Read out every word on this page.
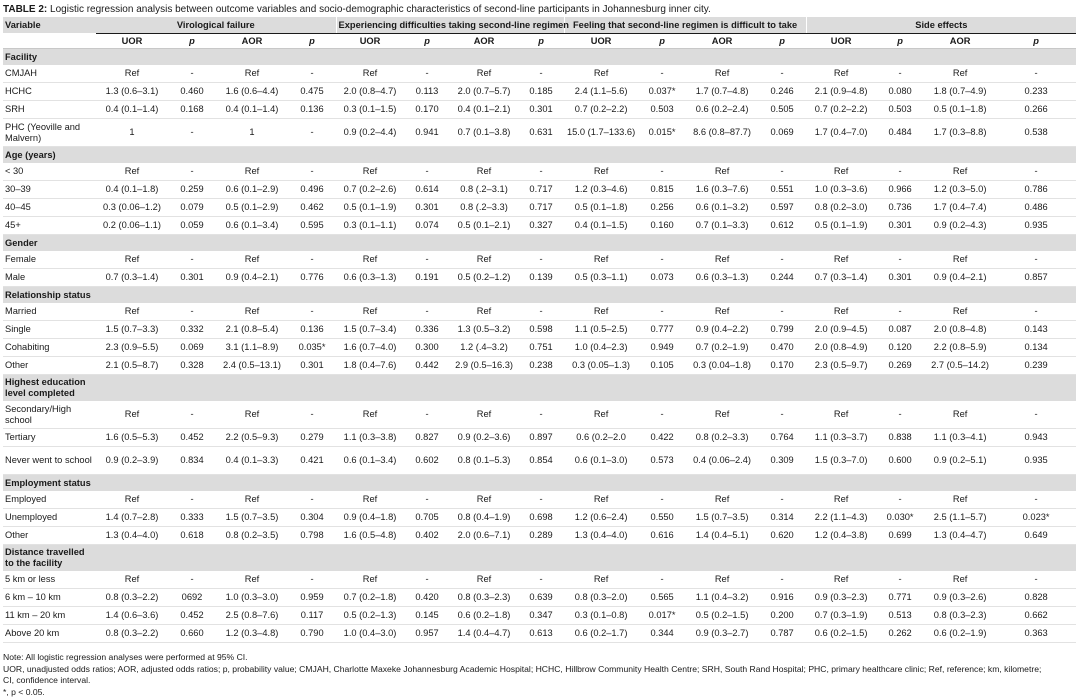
TABLE 2: Logistic regression analysis between outcome variables and socio-demographic characteristics of second-line participants in Johannesburg inner city.
Variable	Virological failure				Experiencing difficulties taking second-line regimen				Feeling that second-line regimen is difficult to take				Side effects			
	UOR	p	AOR	p	UOR	p	AOR	p	UOR	p	AOR	p	UOR	p	AOR	p
Facility																
CMJAH	Ref	-	Ref	-	Ref	-	Ref	-	Ref	-	Ref	-	Ref	-	Ref	-
HCHC	1.3 (0.6–3.1)	0.460	1.6 (0.6–4.4)	0.475	2.0 (0.8–4.7)	0.113	2.0 (0.7–5.7)	0.185	2.4 (1.1–5.6)	0.037*	1.7 (0.7–4.8)	0.246	2.1 (0.9–4.8)	0.080	1.8 (0.7–4.9)	0.233
SRH	0.4 (0.1–1.4)	0.168	0.4 (0.1–1.4)	0.136	0.3 (0.1–1.5)	0.170	0.4 (0.1–2.1)	0.301	0.7 (0.2–2.2)	0.503	0.6 (0.2–2.4)	0.505	0.7 (0.2–2.2)	0.503	0.5 (0.1–1.8)	0.266
PHC (Yeoville and Malvern)	1	-	1	-	0.9 (0.2–4.4)	0.941	0.7 (0.1–3.8)	0.631	15.0 (1.7–133.6)	0.015*	8.6 (0.8–87.7)	0.069	1.7 (0.4–7.0)	0.484	1.7 (0.3–8.8)	0.538
Age (years)																
< 30	Ref	-	Ref	-	Ref	-	Ref	-	Ref	-	Ref	-	Ref	-	Ref	-
30–39	0.4 (0.1–1.8)	0.259	0.6 (0.1–2.9)	0.496	0.7 (0.2–2.6)	0.614	0.8 (.2–3.1)	0.717	1.2 (0.3–4.6)	0.815	1.6 (0.3–7.6)	0.551	1.0 (0.3–3.6)	0.966	1.2 (0.3–5.0)	0.786
40–45	0.3 (0.06–1.2)	0.079	0.5 (0.1–2.9)	0.462	0.5 (0.1–1.9)	0.301	0.8 (.2–3.3)	0.717	0.5 (0.1–1.8)	0.256	0.6 (0.1–3.2)	0.597	0.8 (0.2–3.0)	0.736	1.7 (0.4–7.4)	0.486
45+	0.2 (0.06–1.1)	0.059	0.6 (0.1–3.4)	0.595	0.3 (0.1–1.1)	0.074	0.5 (0.1–2.1)	0.327	0.4 (0.1–1.5)	0.160	0.7 (0.1–3.3)	0.612	0.5 (0.1–1.9)	0.301	0.9 (0.2–4.3)	0.935
Gender																
Female	Ref	-	Ref	-	Ref	-	Ref	-	Ref	-	Ref	-	Ref	-	Ref	-
Male	0.7 (0.3–1.4)	0.301	0.9 (0.4–2.1)	0.776	0.6 (0.3–1.3)	0.191	0.5 (0.2–1.2)	0.139	0.5 (0.3–1.1)	0.073	0.6 (0.3–1.3)	0.244	0.7 (0.3–1.4)	0.301	0.9 (0.4–2.1)	0.857
Relationship status																
Married	Ref	-	Ref	-	Ref	-	Ref	-	Ref	-	Ref	-	Ref	-	Ref	-
Single	1.5 (0.7–3.3)	0.332	2.1 (0.8–5.4)	0.136	1.5 (0.7–3.4)	0.336	1.3 (0.5–3.2)	0.598	1.1 (0.5–2.5)	0.777	0.9 (0.4–2.2)	0.799	2.0 (0.9–4.5)	0.087	2.0 (0.8–4.8)	0.143
Cohabiting	2.3 (0.9–5.5)	0.069	3.1 (1.1–8.9)	0.035*	1.6 (0.7–4.0)	0.300	1.2 (.4–3.2)	0.751	1.0 (0.4–2.3)	0.949	0.7 (0.2–1.9)	0.470	2.0 (0.8–4.9)	0.120	2.2 (0.8–5.9)	0.134
Other	2.1 (0.5–8.7)	0.328	2.4 (0.5–13.1)	0.301	1.8 (0.4–7.6)	0.442	2.9 (0.5–16.3)	0.238	0.3 (0.05–1.3)	0.105	0.3 (0.04–1.8)	0.170	2.3 (0.5–9.7)	0.269	2.7 (0.5–14.2)	0.239

Highest education level completed																

Secondary/High school	Ref	-	Ref	-	Ref	-	Ref	-	Ref	-	Ref	-	Ref	-	Ref	-
Tertiary	1.6 (0.5–5.3)	0.452	2.2 (0.5–9.3)	0.279	1.1 (0.3–3.8)	0.827	0.9 (0.2–3.6)	0.897	0.6 (0.2–2.0	0.422	0.8 (0.2–3.3)	0.764	1.1 (0.3–3.7)	0.838	1.1 (0.3–4.1)	0.943
Never went to school	0.9 (0.2–3.9)	0.834	0.4 (0.1–3.3)	0.421	0.6 (0.1–3.4)	0.602	0.8 (0.1–5.3)	0.854	0.6 (0.1–3.0)	0.573	0.4 (0.06–2.4)	0.309	1.5 (0.3–7.0)	0.600	0.9 (0.2–5.1)	0.935
Employment status																
Employed	Ref	-	Ref	-	Ref	-	Ref	-	Ref	-	Ref	-	Ref	-	Ref	-
Unemployed	1.4 (0.7–2.8)	0.333	1.5 (0.7–3.5)	0.304	0.9 (0.4–1.8)	0.705	0.8 (0.4–1.9)	0.698	1.2 (0.6–2.4)	0.550	1.5 (0.7–3.5)	0.314	2.2 (1.1–4.3)	0.030*	2.5 (1.1–5.7)	0.023*
Other	1.3 (0.4–4.0)	0.618	0.8 (0.2–3.5)	0.798	1.6 (0.5–4.8)	0.402	2.0 (0.6–7.1)	0.289	1.3 (0.4–4.0)	0.616	1.4 (0.4–5.1)	0.620	1.2 (0.4–3.8)	0.699	1.3 (0.4–4.7)	0.649

Distance travelled to the facility																

5 km or less	Ref	-	Ref	-	Ref	-	Ref	-	Ref	-	Ref	-	Ref	-	Ref	-
6 km – 10 km	0.8 (0.3–2.2)	0692	1.0 (0.3–3.0)	0.959	0.7 (0.2–1.8)	0.420	0.8 (0.3–2.3)	0.639	0.8 (0.3–2.0)	0.565	1.1 (0.4–3.2)	0.916	0.9 (0.3–2.3)	0.771	0.9 (0.3–2.6)	0.828
11 km – 20 km	1.4 (0.6–3.6)	0.452	2.5 (0.8–7.6)	0.117	0.5 (0.2–1.3)	0.145	0.6 (0.2–1.8)	0.347	0.3 (0.1–0.8)	0.017*	0.5 (0.2–1.5)	0.200	0.7 (0.3–1.9)	0.513	0.8 (0.3–2.3)	0.662
Above 20 km	0.8 (0.3–2.2)	0.660	1.2 (0.3–4.8)	0.790	1.0 (0.4–3.0)	0.957	1.4 (0.4–4.7)	0.613	0.6 (0.2–1.7)	0.344	0.9 (0.3–2.7)	0.787	0.6 (0.2–1.5)	0.262	0.6 (0.2–1.9)	0.363
Note: All logistic regression analyses were performed at 95% CI.
UOR, unadjusted odds ratios; AOR, adjusted odds ratios; p, probability value; CMJAH, Charlotte Maxeke Johannesburg Academic Hospital; HCHC, Hillbrow Community Health Centre; SRH, South Rand Hospital; PHC, primary healthcare clinic; Ref, reference; km, kilometre;
CI, confidence interval.
*, p < 0.05.
